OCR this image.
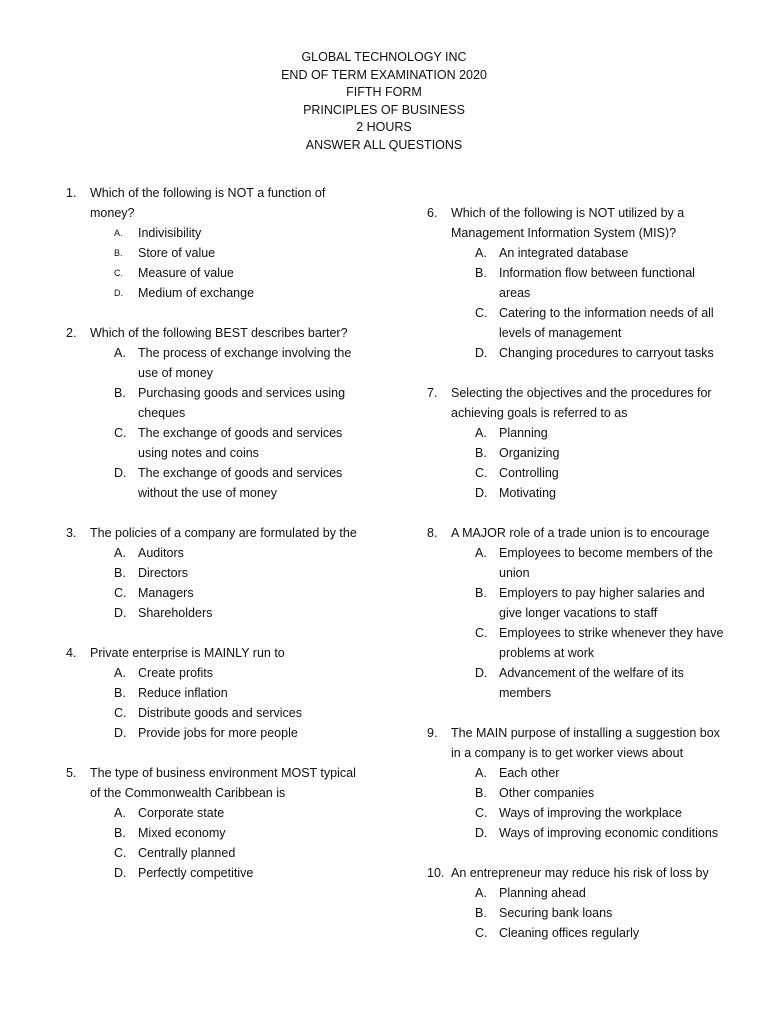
GLOBAL TECHNOLOGY INC
END OF TERM EXAMINATION 2020
FIFTH FORM
PRINCIPLES OF BUSINESS
2 HOURS
ANSWER ALL QUESTIONS
1.	Which of the following is NOT a function of money?
A. Indivisibility
B. Store of value
C. Measure of value
D. Medium of exchange
2.	Which of the following BEST describes barter?
A. The process of exchange involving the use of money
B. Purchasing goods and services using cheques
C. The exchange of goods and services using notes and coins
D. The exchange of goods and services without the use of money
3.	The policies of a company are formulated by the
A. Auditors
B. Directors
C. Managers
D. Shareholders
4.	Private enterprise is MAINLY run to
A. Create profits
B. Reduce inflation
C. Distribute goods and services
D. Provide jobs for more people
5.	The type of business environment MOST typical of the Commonwealth Caribbean is
A. Corporate state
B. Mixed economy
C. Centrally planned
D. Perfectly competitive
6.	Which of the following is NOT utilized by a Management Information System (MIS)?
A. An integrated database
B. Information flow between functional areas
C. Catering to the information needs of all levels of management
D. Changing procedures to carryout tasks
7.	Selecting the objectives and the procedures for achieving goals is referred to as
A. Planning
B. Organizing
C. Controlling
D. Motivating
8.	A MAJOR role of a trade union is to encourage
A. Employees to become members of the union
B. Employers to pay higher salaries and give longer vacations to staff
C. Employees to strike whenever they have problems at work
D. Advancement of the welfare of its members
9.	The MAIN purpose of installing a suggestion box in a company is to get worker views about
A. Each other
B. Other companies
C. Ways of improving the workplace
D. Ways of improving economic conditions
10. An entrepreneur may reduce his risk of loss by
A. Planning ahead
B. Securing bank loans
C. Cleaning offices regularly
